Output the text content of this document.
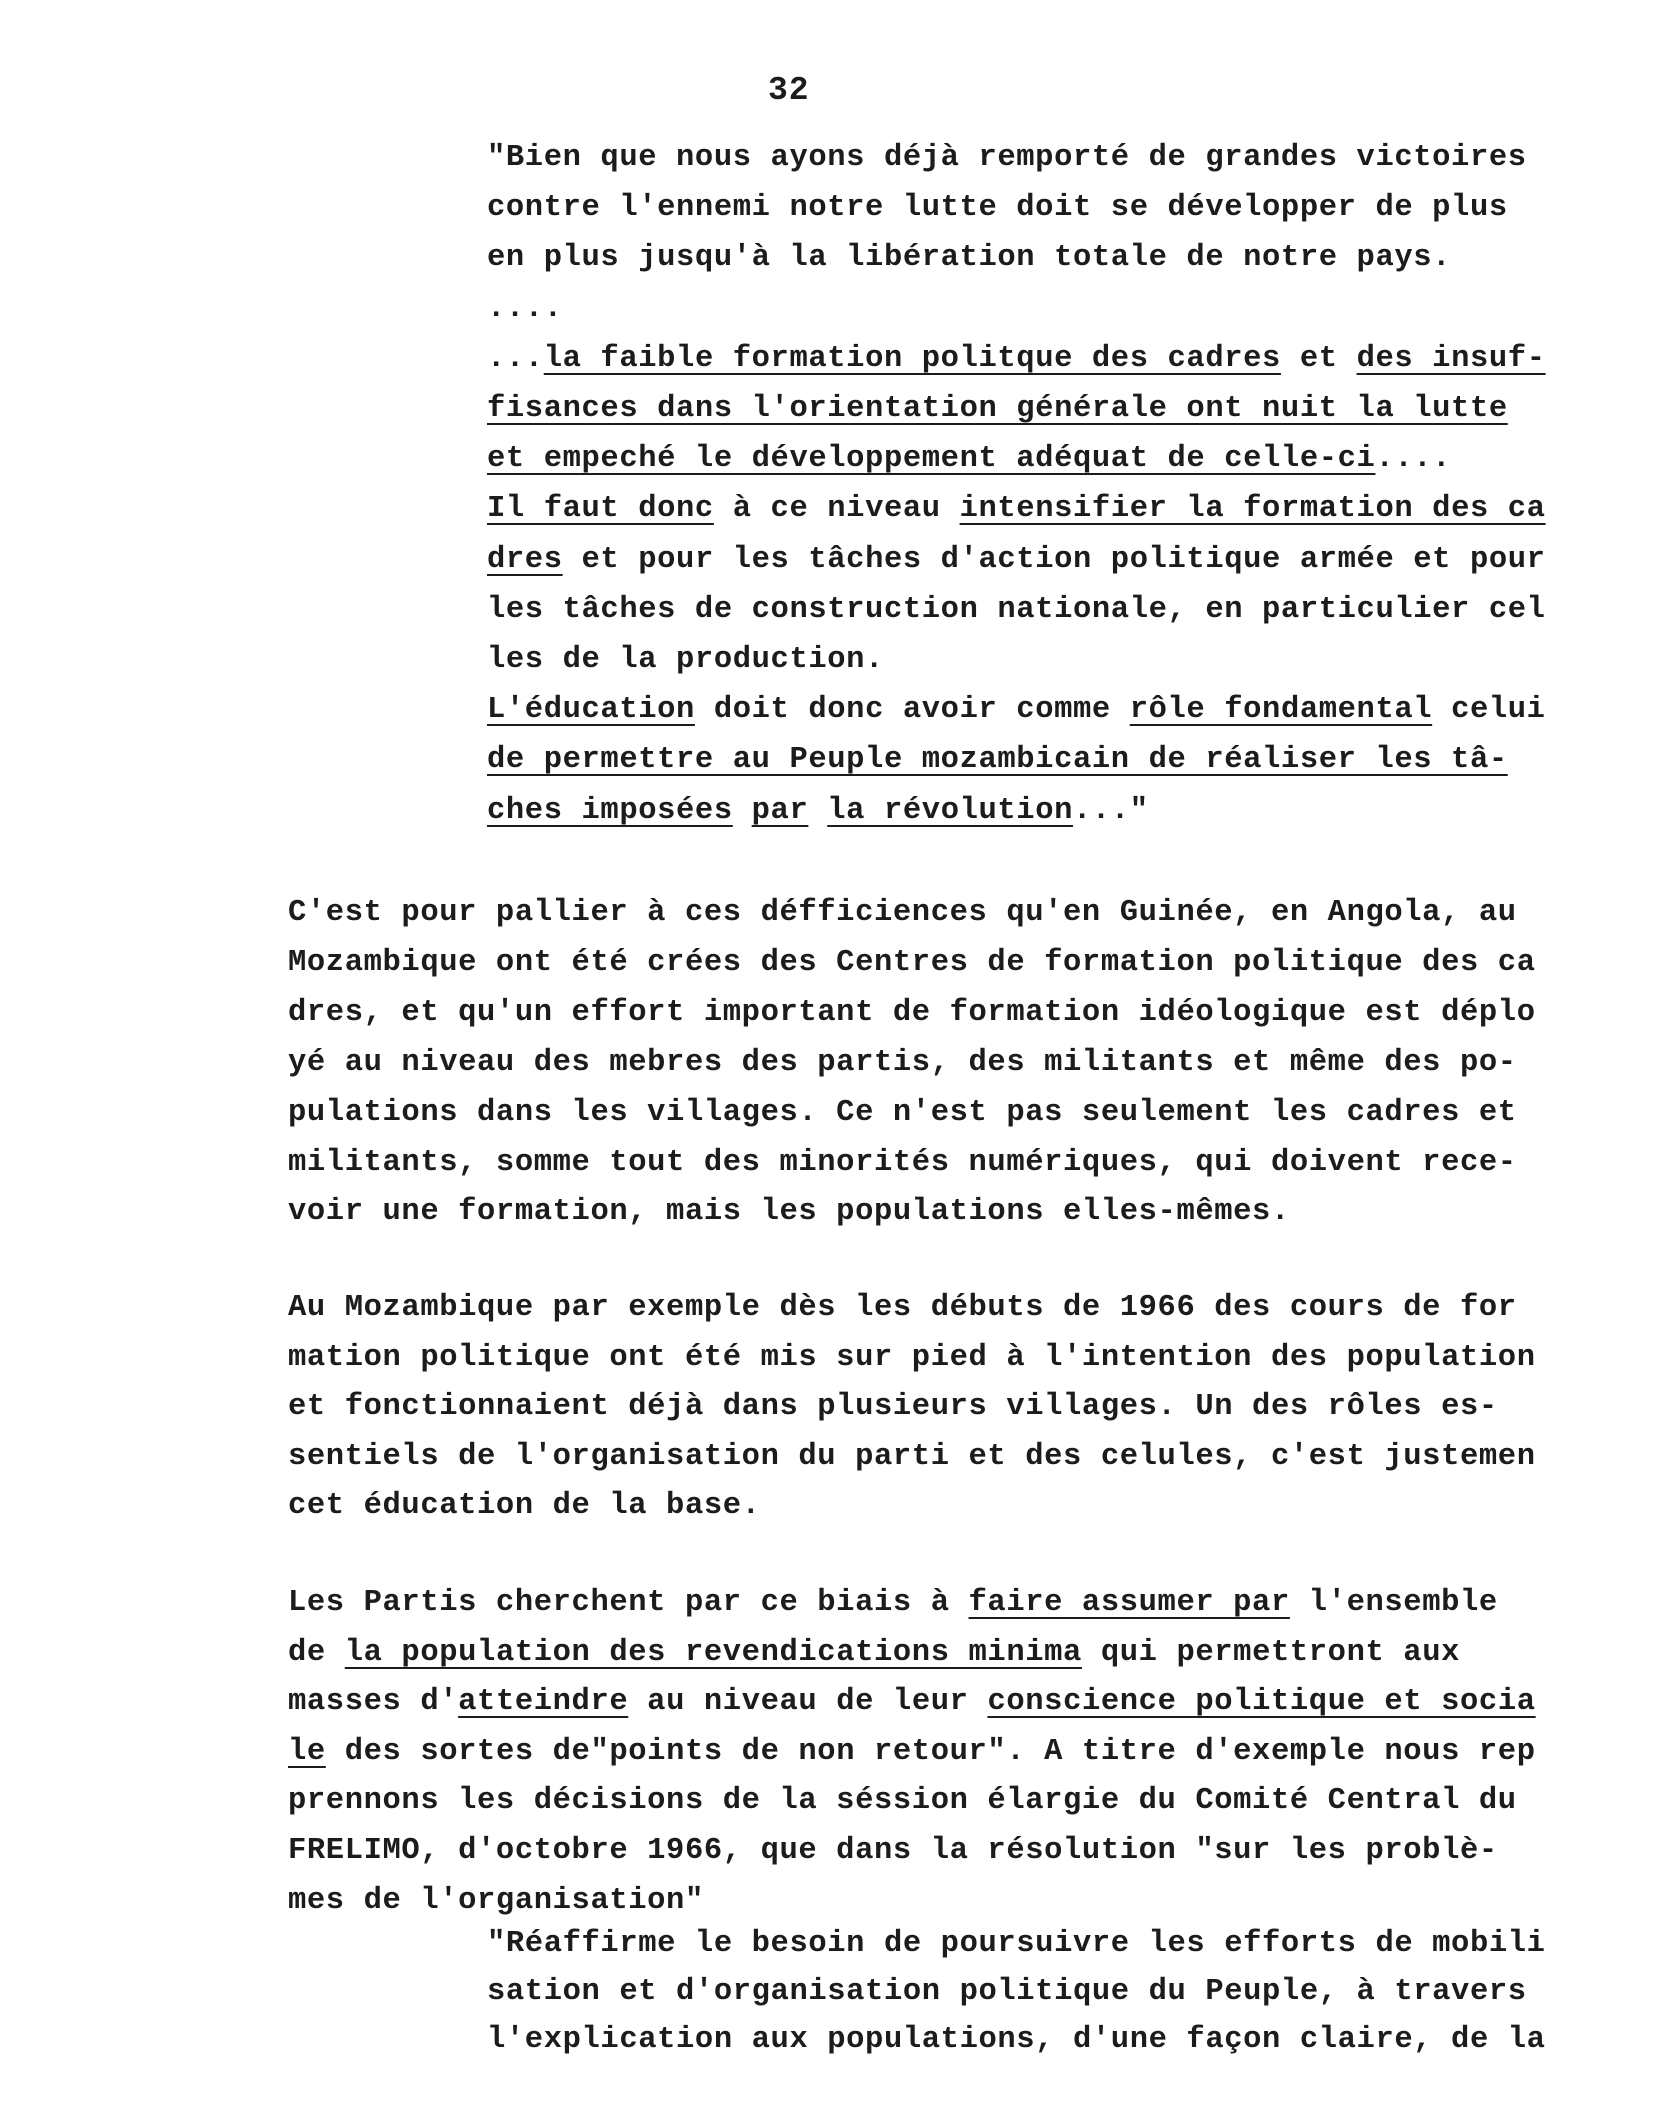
32
"Bien que nous ayons déjà remporté de grandes victoires
contre l'ennemi notre lutte doit se développer de plus
en plus jusqu'à la libération totale de notre pays.
....
...la faible formation politque des cadres et des insuf-
fisances dans l'orientation générale ont nuit la lutte
et empeché le développement adéquat de celle-ci....
Il faut donc à ce niveau intensifier la formation des ca
dres et pour les tâches d'action politique armée et pour
les tâches de construction nationale, en particulier cel
les de la production.
L'éducation doit donc avoir comme rôle fondamental celui
de permettre au Peuple mozambicain de réaliser les tâ-
ches imposées par la révolution..."
C'est pour pallier à ces défficiences qu'en Guinée, en Angola, au
Mozambique ont été crées des Centres de formation politique des ca
dres, et qu'un effort important de formation idéologique est déplo
yé au niveau des mebres des partis, des militants et même des po-
pulations dans les villages. Ce n'est pas seulement les cadres et
militants, somme tout des minorités numériques, qui doivent rece-
voir une formation, mais les populations elles-mêmes.
Au Mozambique par exemple dès les débuts de 1966 des cours de for
mation politique ont été mis sur pied à l'intention des population
et fonctionnaient déjà dans plusieurs villages. Un des rôles es-
sentiels de l'organisation du parti et des celules, c'est justemen
cet éducation de la base.
Les Partis cherchent par ce biais à faire assumer par l'ensemble
de la population des revendications minima qui permettront aux
masses d'atteindre au niveau de leur conscience politique et socia
le des sortes de"points de non retour". A titre d'exemple nous rep
prennons les décisions de la séssion élargie du Comité Central du
FRELIMO, d'octobre 1966, que dans la résolution "sur les problè-
mes de l'organisation"
"Réaffirme le besoin de poursuivre les efforts de mobili
sation et d'organisation politique du Peuple, à travers
l'explication aux populations, d'une façon claire, de la
